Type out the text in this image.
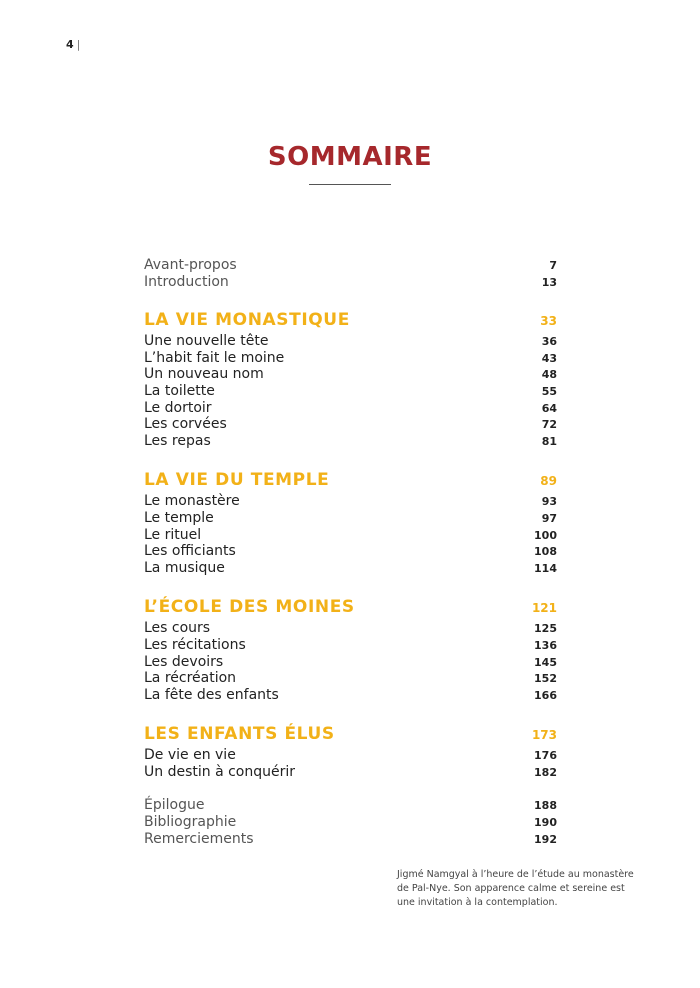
4 |
SOMMAIRE
Avant-propos	7
Introduction	13
LA VIE MONASTIQUE	33
Une nouvelle tête	36
L’habit fait le moine	43
Un nouveau nom	48
La toilette	55
Le dortoir	64
Les corvées	72
Les repas	81
LA VIE DU TEMPLE	89
Le monastère	93
Le temple	97
Le rituel	100
Les officiants	108
La musique	114
L’ÉCOLE DES MOINES	121
Les cours	125
Les récitations	136
Les devoirs	145
La récréation	152
La fête des enfants	166
LES ENFANTS ÉLUS	173
De vie en vie	176
Un destin à conquérir	182
Épilogue	188
Bibliographie	190
Remerciements	192
Jigmé Namgyal à l’heure de l’étude au monastère de Pal-Nye. Son apparence calme et sereine est une invitation à la contemplation.
